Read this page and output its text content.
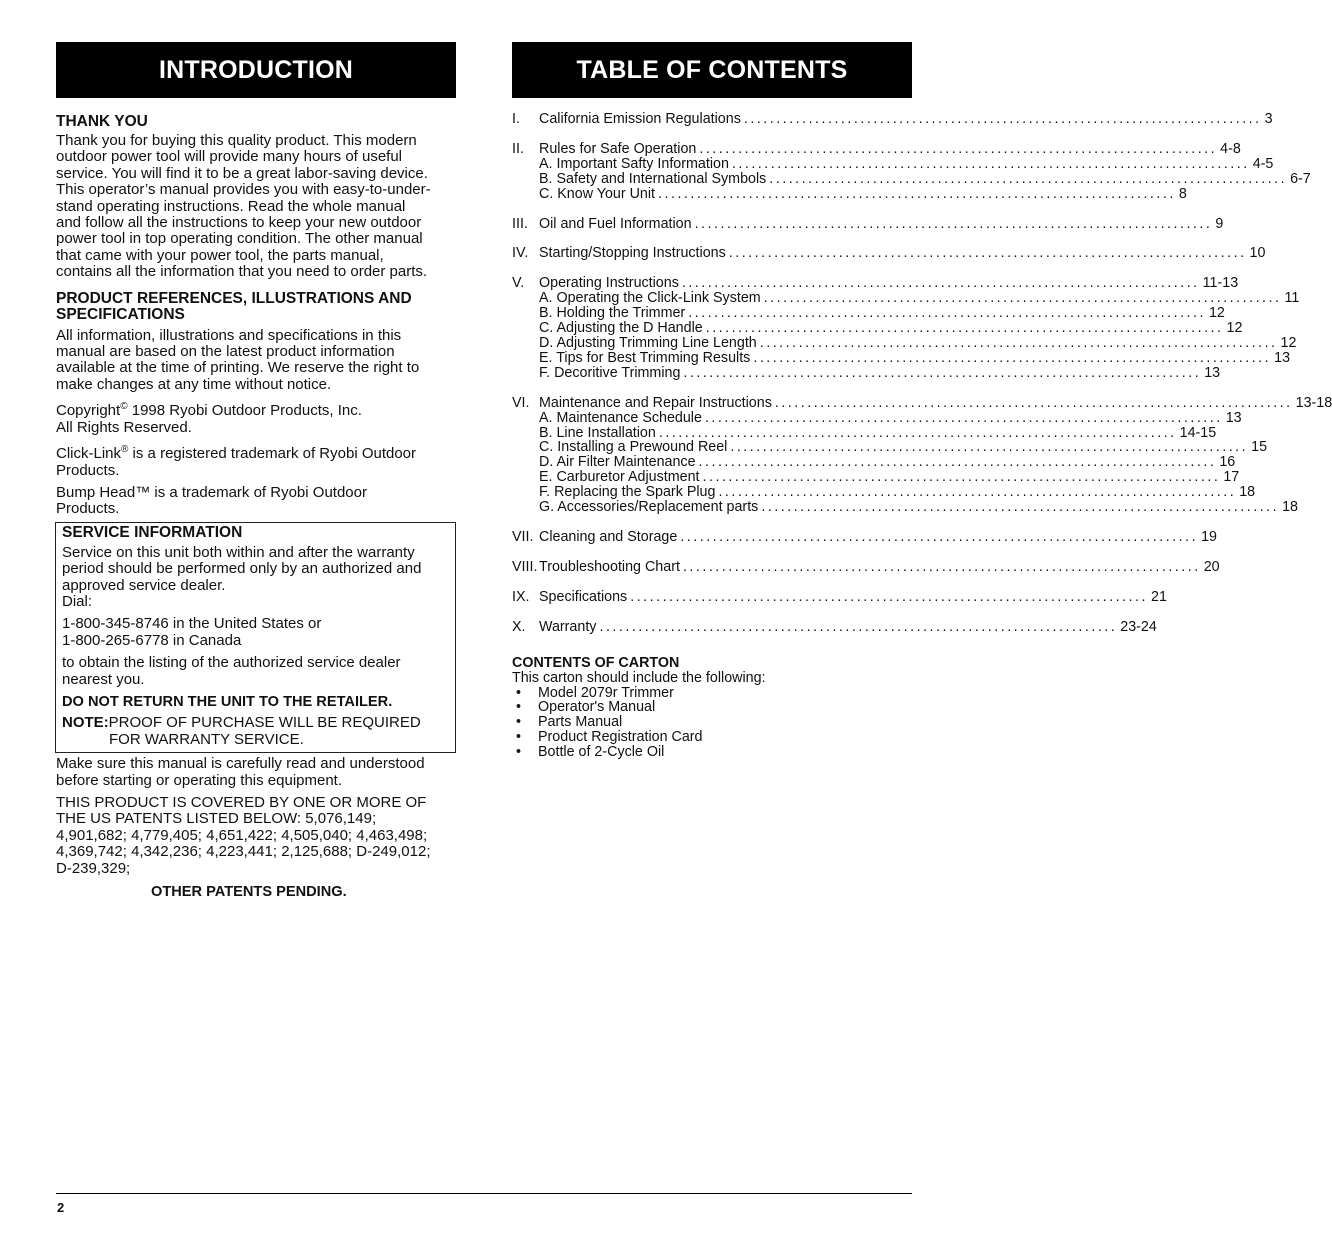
INTRODUCTION
THANK YOU

Thank you for buying this quality product. This modern

outdoor power tool will provide many hours of useful

service. You will find it to be a great labor-saving device.

This operator’s manual provides you with easy-to-under-

stand operating instructions. Read the whole manual

and follow all the instructions to keep your new outdoor

power tool in top operating condition. The other manual

that came with your power tool, the parts manual,

contains all the information that you need to order parts.

PRODUCT REFERENCES, ILLUSTRATIONS AND
SPECIFICATIONS

All information, illustrations and specifications in this

manual are based on the latest product information

available at the time of printing. We reserve the right to

make changes at any time without notice.

Copyright© 1998 Ryobi Outdoor Products, Inc.

All Rights Reserved.

Click-Link® is a registered trademark of Ryobi Outdoor

Products.

Bump Head™ is a trademark of Ryobi Outdoor

Products.

SERVICE INFORMATION

Service on this unit both within and after the warranty

period should be performed only by an authorized and

approved service dealer.

Dial:

1-800-345-8746 in the United States or

1-800-265-6778 in Canada

to obtain the listing of the authorized service dealer

nearest you.

DO NOT RETURN THE UNIT TO THE RETAILER.

NOTE:PROOF OF PURCHASE WILL BE REQUIRED

FOR WARRANTY SERVICE.

Make sure this manual is carefully read and understood

before starting or operating this equipment.

THIS PRODUCT IS COVERED BY ONE OR MORE OF

THE US PATENTS LISTED BELOW: 5,076,149;

4,901,682; 4,779,405; 4,651,422; 4,505,040; 4,463,498;

4,369,742; 4,342,236; 4,223,441; 2,125,688; D-249,012;

D-239,329;

OTHER PATENTS PENDING.

TABLE OF CONTENTS
I.	California Emission Regulations ................................................................................ 3
II.	Rules for Safe Operation ................................................................................ 4-8
A. Important Safty Information ................................................................................ 4-5
B. Safety and International Symbols ................................................................................ 6-7
C. Know Your Unit ................................................................................ 8
III. Oil and Fuel Information ................................................................................ 9
IV. Starting/Stopping Instructions ................................................................................ 10
V.	Operating Instructions ................................................................................ 11-13
A. Operating the Click-Link System ................................................................................ 11
B. Holding the Trimmer ................................................................................ 12
C. Adjusting the D Handle ................................................................................ 12
D. Adjusting Trimming Line Length ................................................................................ 12
E. Tips for Best Trimming Results ................................................................................ 13
F. Decoritive Trimming ................................................................................ 13
VI. Maintenance and Repair Instructions ................................................................................ 13-18
A. Maintenance Schedule ................................................................................ 13
B. Line Installation ................................................................................ 14-15
C. Installing a Prewound Reel ................................................................................ 15
D. Air Filter Maintenance ................................................................................ 16
E. Carburetor Adjustment ................................................................................ 17
F. Replacing the Spark Plug ................................................................................ 18
G. Accessories/Replacement parts ................................................................................ 18
VII. Cleaning and Storage ................................................................................ 19
VIII. Troubleshooting Chart ................................................................................ 20
IX. Specifications ................................................................................ 21
X. Warranty ................................................................................ 23-24
CONTENTS OF CARTON

This carton should include the following:

• Model 2079r Trimmer
• Operator's Manual
• Parts Manual
• Product Registration Card
• Bottle of 2-Cycle Oil
2
